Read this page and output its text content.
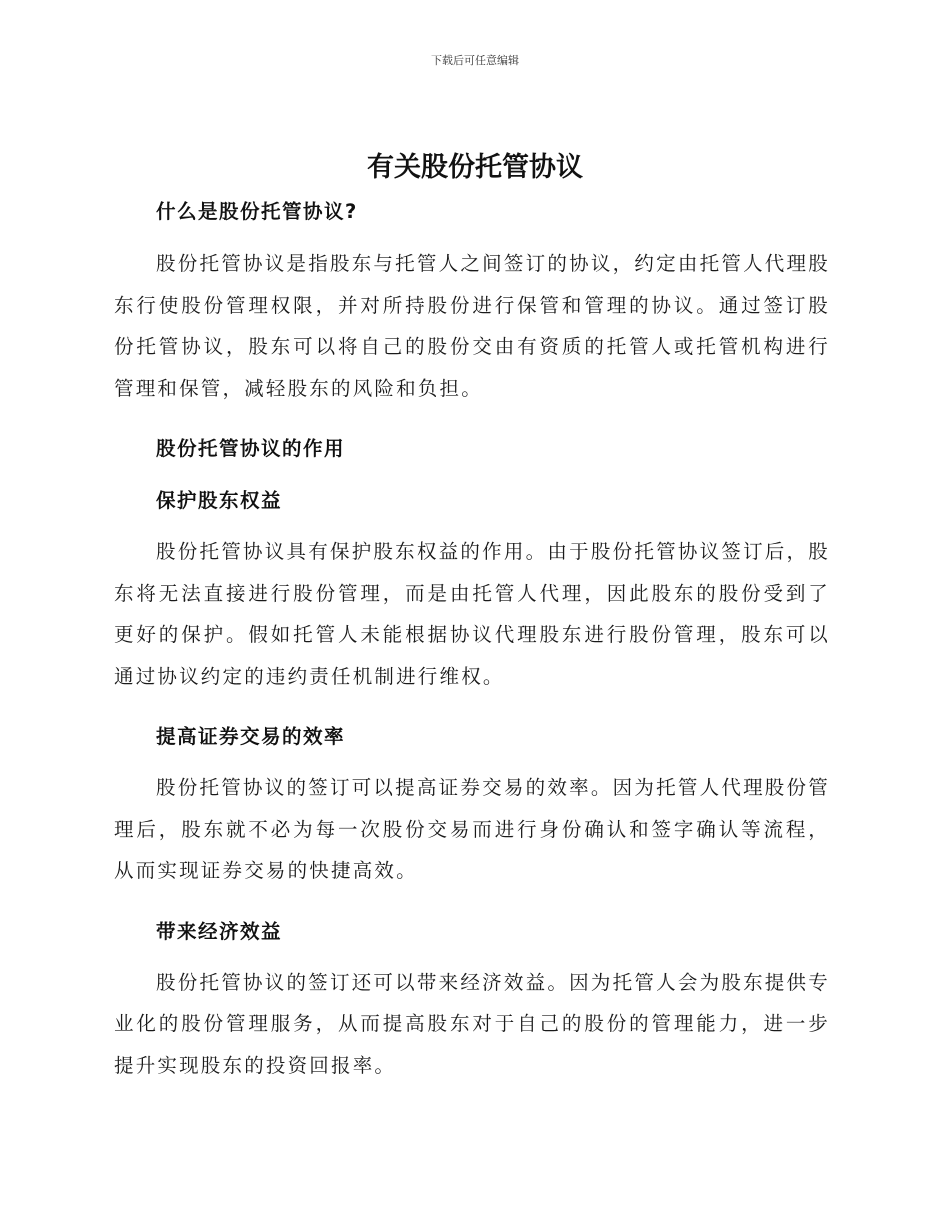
下载后可任意编辑
有关股份托管协议

什么是股份托管协议?

股份托管协议是指股东与托管人之间签订的协议，约定由托管人代理股东行使股份管理权限，并对所持股份进行保管和管理的协议。通过签订股份托管协议，股东可以将自己的股份交由有资质的托管人或托管机构进行管理和保管，减轻股东的风险和负担。

股份托管协议的作用

保护股东权益

股份托管协议具有保护股东权益的作用。由于股份托管协议签订后，股东将无法直接进行股份管理，而是由托管人代理，因此股东的股份受到了更好的保护。假如托管人未能根据协议代理股东进行股份管理，股东可以通过协议约定的违约责任机制进行维权。

提高证券交易的效率

股份托管协议的签订可以提高证券交易的效率。因为托管人代理股份管理后，股东就不必为每一次股份交易而进行身份确认和签字确认等流程，从而实现证券交易的快捷高效。

带来经济效益

股份托管协议的签订还可以带来经济效益。因为托管人会为股东提供专业化的股份管理服务，从而提高股东对于自己的股份的管理能力，进一步提升实现股东的投资回报率。
